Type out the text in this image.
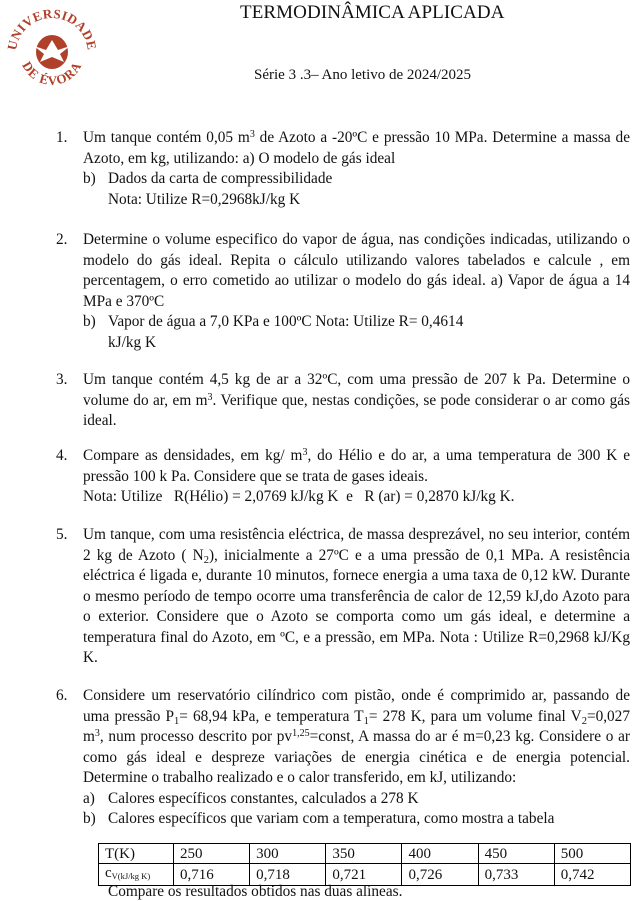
UNIVERSIDADE
DE ÉVORA
TERMODINÂMICA APLICADA
Série 3 .3– Ano letivo de 2024/2025
1. Um tanque contém 0,05 $m^3$ de Azoto a -20ºC e pressão 10 MPa. Determine a massa de Azoto, em kg, utilizando: a) O modelo de gás ideal

b) Dados da carta de compressibilidade
Nota: Utilize R=0,2968kJ/kg K
2. Determine o volume especifico do vapor de água, nas condições indicadas, utilizando o modelo do gás ideal. Repita o cálculo utilizando valores tabelados e calcule , em percentagem, o erro cometido ao utilizar o modelo do gás ideal. a) Vapor de água a 14 MPa e 370ºC

b) Vapor de água a 7,0 KPa e 100ºC Nota: Utilize R= 0,4614
kJ/kg K
3. Um tanque contém 4,5 kg de ar a 32ºC, com uma pressão de 207 k Pa. Determine o volume do ar, em $m^3$. Verifique que, nestas condições, se pode considerar o ar como gás ideal.

4. Compare as densidades, em kg/ $m^3$, do Hélio e do ar, a uma temperatura de 300 K e pressão 100 k Pa. Considere que se trata de gases ideais.

Nota: Utilize   R(Hélio) = 2,0769 kJ/kg K  e   R (ar) = 0,2870 kJ/kg K.
5. Um tanque, com uma resistência eléctrica, de massa desprezável, no seu interior, contém 2 kg de Azoto ( N2), inicialmente a 27ºC e a uma pressão de 0,1 MPa. A resistência eléctrica é ligada e, durante 10 minutos, fornece energia a uma taxa de 0,12 kW. Durante o mesmo período de tempo ocorre uma transferência de calor de 12,59 kJ,do Azoto para o exterior. Considere que o Azoto se comporta como um gás ideal, e determine a temperatura final do Azoto, em ºC, e a pressão, em MPa. Nota : Utilize R=0,2968 kJ/Kg K.

6. Considere um reservatório cilíndrico com pistão, onde é comprimido ar, passando de uma pressão P1= 68,94 kPa, e temperatura T1= 278 K, para um volume final V2=0,027 $m^3$, num processo descrito por pv$^{1,25}$=const, A massa do ar é m=0,23 kg. Considere o ar como gás ideal e despreze variações de energia cinética e de energia potencial. Determine o trabalho realizado e o calor transferido, em kJ, utilizando:

a) Calores específicos constantes, calculados a 278 K
b) Calores específicos que variam com a temperatura, como mostra a tabela
T(K)	250	300	350	400	450	500
cV(kJ/kg K)	0,716	0,718	0,721	0,726	0,733	0,742
Compare os resultados obtidos nas duas alíneas.
